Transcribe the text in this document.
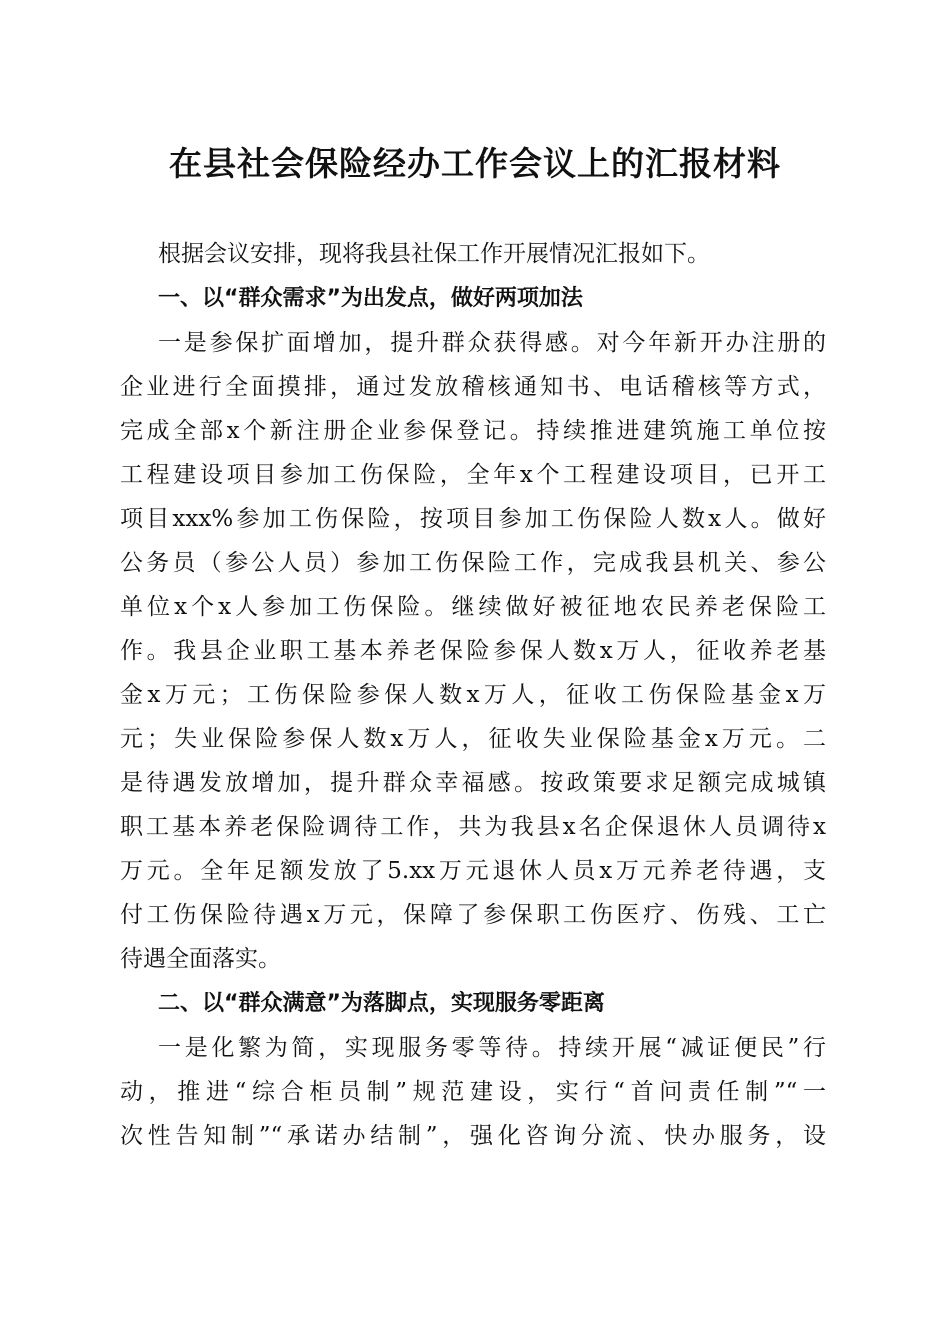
在县社会保险经办工作会议上的汇报材料
根据会议安排，现将我县社保工作开展情况汇报如下。
一、以“群众需求”为出发点，做好两项加法
一是参保扩面增加，提升群众获得感。对今年新开办注册的
企业进行全面摸排，通过发放稽核通知书、电话稽核等方式，
完成全部x个新注册企业参保登记。持续推进建筑施工单位按
工程建设项目参加工伤保险，全年x个工程建设项目，已开工
项目xxx%参加工伤保险，按项目参加工伤保险人数x人。做好
公务员（参公人员）参加工伤保险工作，完成我县机关、参公
单位x个x人参加工伤保险。继续做好被征地农民养老保险工
作。我县企业职工基本养老保险参保人数x万人，征收养老基
金x万元；工伤保险参保人数x万人，征收工伤保险基金x万
元；失业保险参保人数x万人，征收失业保险基金x万元。二
是待遇发放增加，提升群众幸福感。按政策要求足额完成城镇
职工基本养老保险调待工作，共为我县x名企保退休人员调待x
万元。全年足额发放了5.xx万元退休人员x万元养老待遇，支
付工伤保险待遇x万元，保障了参保职工伤医疗、伤残、工亡
待遇全面落实。
二、以“群众满意”为落脚点，实现服务零距离
一是化繁为简，实现服务零等待。持续开展“减证便民”行
动，推进“综合柜员制”规范建设，实行“首问责任制”“一
次性告知制”“承诺办结制”，强化咨询分流、快办服务，设
